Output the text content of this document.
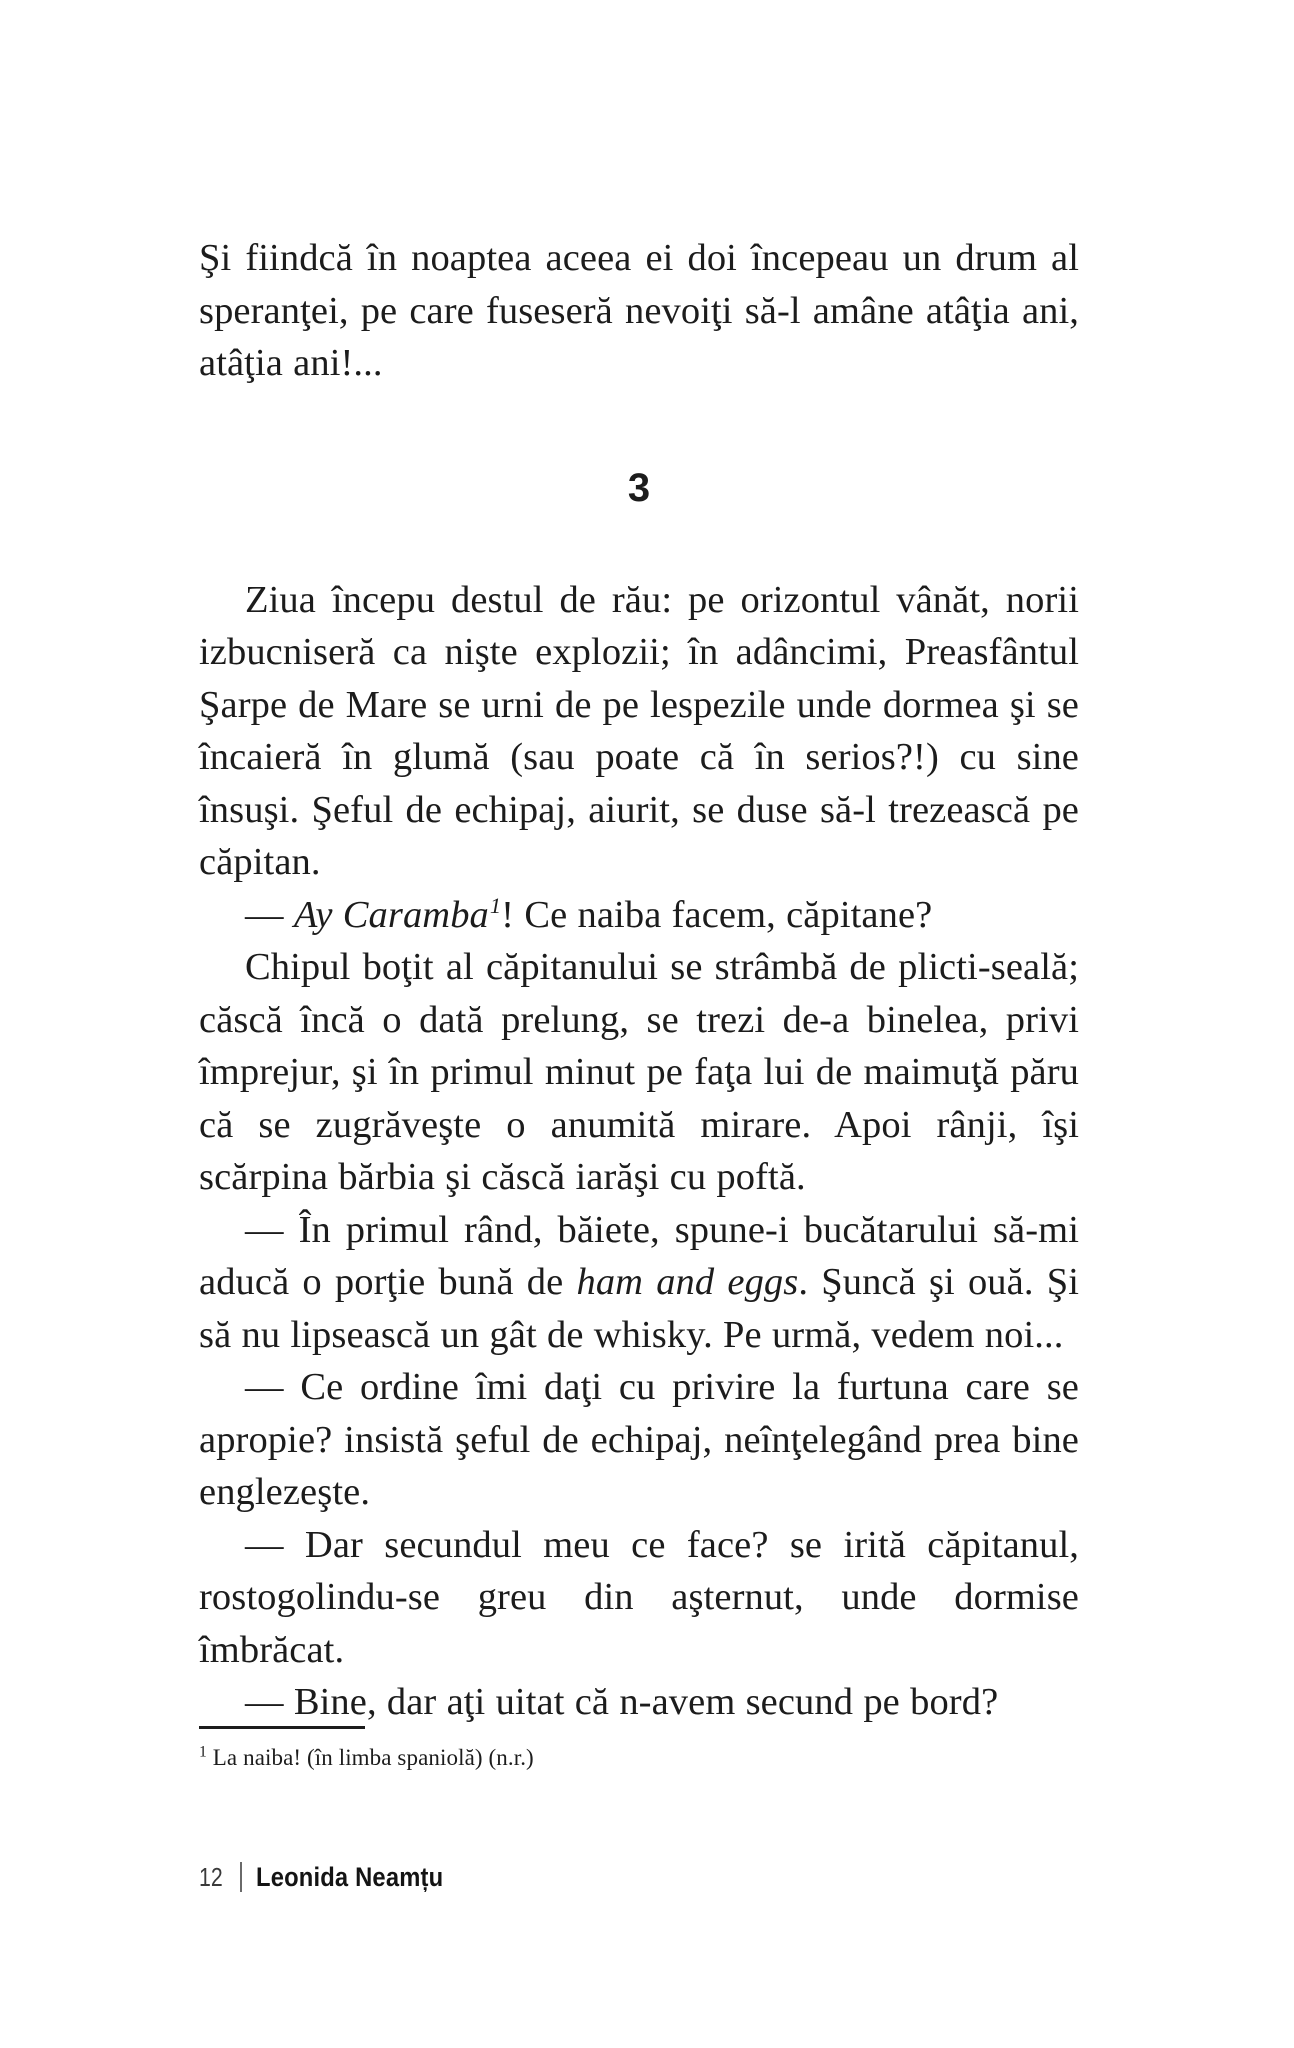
Şi fiindcă în noaptea aceea ei doi începeau un drum al speranţei, pe care fuseseră nevoiţi să-l amâne atâţia ani, atâţia ani!...

3

Ziua începu destul de rău: pe orizontul vânăt, norii izbucniseră ca nişte explozii; în adâncimi, Preasfântul Şarpe de Mare se urni de pe lespezile unde dormea şi se încaieră în glumă (sau poate că în serios?!) cu sine însuşi. Şeful de echipaj, aiurit, se duse să-l trezească pe căpitan.

— Ay Caramba$^1$! Ce naiba facem, căpitane?

Chipul boţit al căpitanului se strâmbă de plicti-seală; căscă încă o dată prelung, se trezi de-a binelea, privi împrejur, şi în primul minut pe faţa lui de maimuţă păru că se zugrăveşte o anumită mirare. Apoi rânji, îşi scărpina bărbia şi căscă iarăşi cu poftă.

— În primul rând, băiete, spune-i bucătarului să-mi aducă o porţie bună de ham and eggs. Şuncă şi ouă. Şi să nu lipsească un gât de whisky. Pe urmă, vedem noi...

— Ce ordine îmi daţi cu privire la furtuna care se apropie? insistă şeful de echipaj, neînţelegând prea bine englezeşte.

— Dar secundul meu ce face? se irită căpitanul, rostogolindu-se greu din aşternut, unde dormise îmbrăcat.

— Bine, dar aţi uitat că n-avem secund pe bord?

$^1$ La naiba! (în limba spaniolă) (n.r.)

12 Leonida Neamțu
